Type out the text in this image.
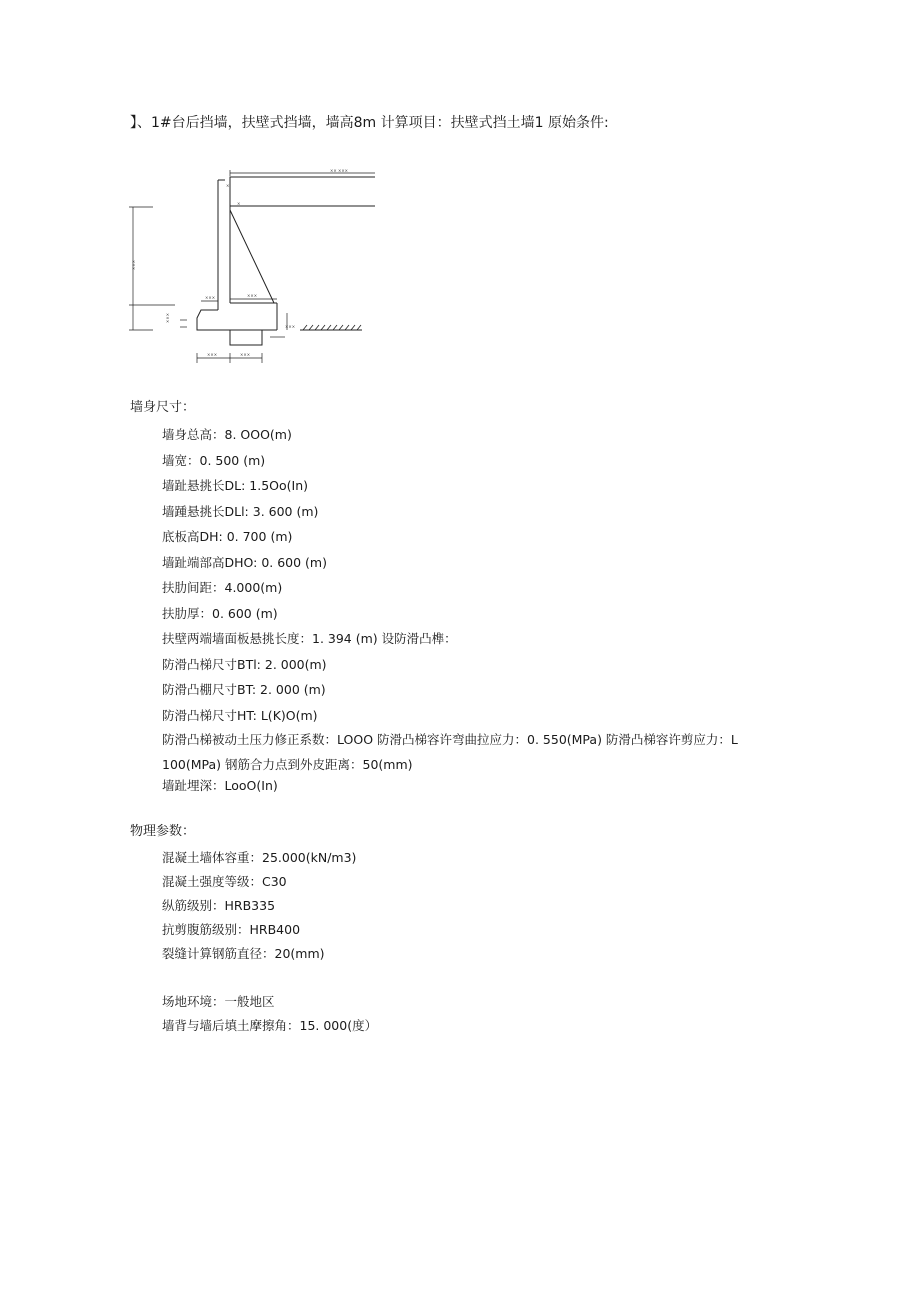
】、1#台后挡墙，扶壁式挡墙，墙高8m 计算项目：扶壁式挡土墙1 原始条件:
×× ×××
×××
×××	×××
×××
×××	×××
×
×
×××
墙身尺寸：
墙身总高：8. OOO(m)
墙宽：0. 500 (m)
墙趾悬挑长DL: 1.5Oo(In)
墙踵悬挑长DLl: 3. 600 (m)
底板高DH: 0. 700 (m)
墙趾端部高DHO: 0. 600 (m)
扶肋间距：4.000(m)
扶肋厚：0. 600 (m)
扶壁两端墙面板悬挑长度：1. 394 (m) 设防滑凸榫：
防滑凸梯尺寸BTl: 2. 000(m)
防滑凸棚尺寸BT: 2. 000 (m)
防滑凸梯尺寸HT: L(K)O(m)
防滑凸梯被动土压力修正系数：LOOO 防滑凸梯容许弯曲拉应力：0. 550(MPa) 防滑凸梯容许剪应力：L 100(MPa) 钢筋合力点到外皮距离：50(mm)
墙趾埋深：LooO(In)
物理参数：
混凝土墙体容重：25.000(kN∕m3)
混凝土强度等级：C30
纵筋级别：HRB335
抗剪腹筋级别：HRB400
裂缝计算钢筋直径：20(mm)
场地环境：一般地区
墙背与墙后填土摩擦角：15. 000(度）
